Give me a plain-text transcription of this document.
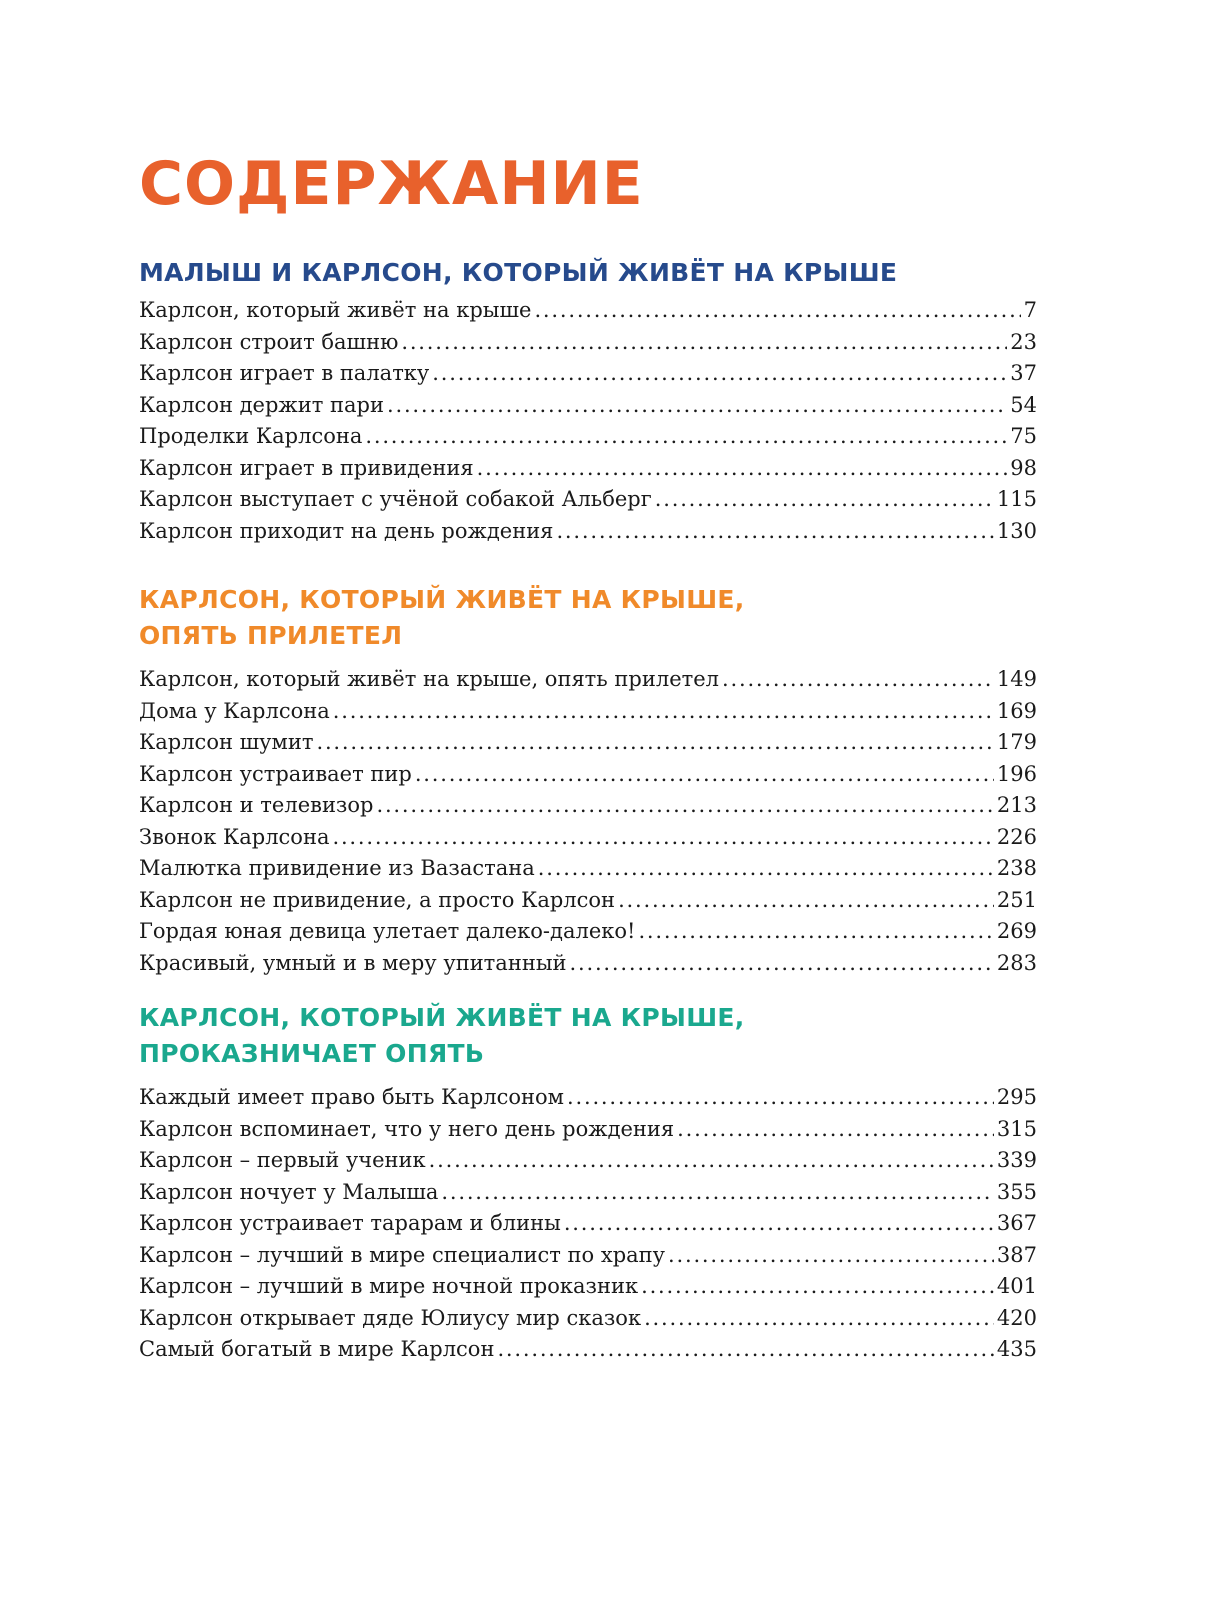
СОДЕРЖАНИЕ
МАЛЫШ И КАРЛСОН, КОТОРЫЙ ЖИВЁТ НА КРЫШЕ
Карлсон, который живёт на крыше .....	7
Карлсон строит башню .....	23
Карлсон играет в палатку .....	37
Карлсон держит пари .....	54
Проделки Карлсона .....	75
Карлсон играет в привидения .....	98
Карлсон выступает с учёной собакой Альберг .....	115
Карлсон приходит на день рождения .....	130
КАРЛСОН, КОТОРЫЙ ЖИВЁТ НА КРЫШЕ,
ОПЯТЬ ПРИЛЕТЕЛ
Карлсон, который живёт на крыше, опять прилетел .....	149
Дома у Карлсона .....	169
Карлсон шумит .....	179
Карлсон устраивает пир .....	196
Карлсон и телевизор .....	213
Звонок Карлсона .....	226
Малютка привидение из Вазастана .....	238
Карлсон не привидение, а просто Карлсон .....	251
Гордая юная девица улетает далеко-далеко! .....	269
Красивый, умный и в меру упитанный .....	283
КАРЛСОН, КОТОРЫЙ ЖИВЁТ НА КРЫШЕ,
ПРОКАЗНИЧАЕТ ОПЯТЬ
Каждый имеет право быть Карлсоном .....	295
Карлсон вспоминает, что у него день рождения .....	315
Карлсон – первый ученик .....	339
Карлсон ночует у Малыша .....	355
Карлсон устраивает тарарам и блины .....	367
Карлсон – лучший в мире специалист по храпу .....	387
Карлсон – лучший в мире ночной проказник .....	401
Карлсон открывает дяде Юлиусу мир сказок .....	420
Самый богатый в мире Карлсон .....	435
